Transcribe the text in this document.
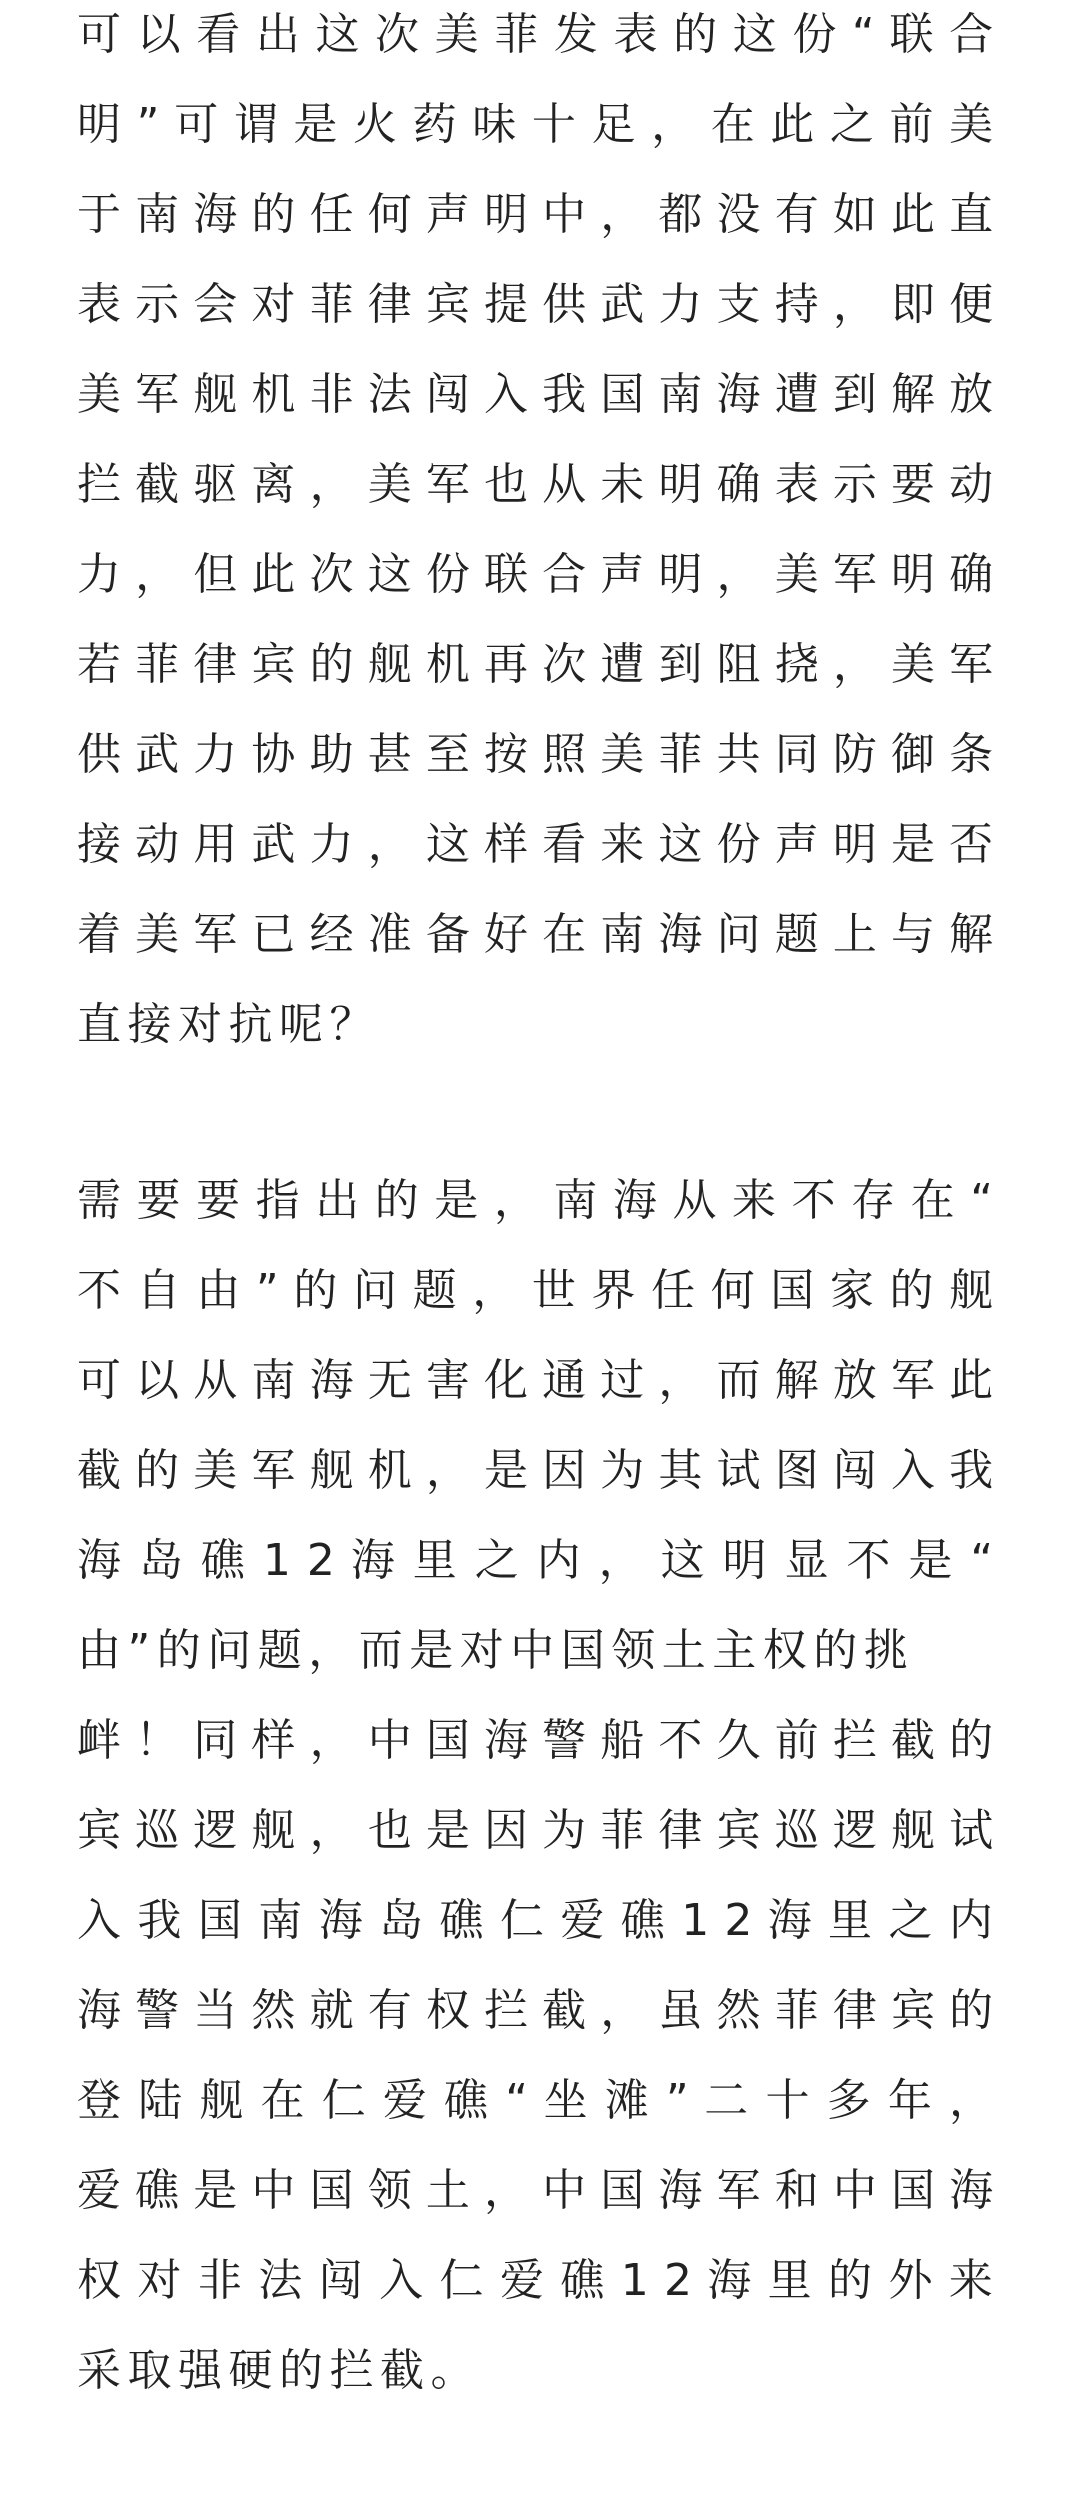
可 以 看 出 这 次 美 菲 发 表 的 这 份 “ 联 合
明 ” 可 谓 是 火 药 味 十 足 ， 在 此 之 前 美
于 南 海 的 任 何 声 明 中 ， 都 没 有 如 此 直
表 示 会 对 菲 律 宾 提 供 武 力 支 持 ， 即 便
美 军 舰 机 非 法 闯 入 我 国 南 海 遭 到 解 放
拦 截 驱 离 ， 美 军 也 从 未 明 确 表 示 要 动
力 ， 但 此 次 这 份 联 合 声 明 ， 美 军 明 确
若 菲 律 宾 的 舰 机 再 次 遭 到 阻 挠 ， 美 军
供 武 力 协 助 甚 至 按 照 美 菲 共 同 防 御 条
接 动 用 武 力 ， 这 样 看 来 这 份 声 明 是 否
着 美 军 已 经 准 备 好 在 南 海 问 题 上 与 解
直接对抗呢？
需 要 要 指 出 的 是 ， 南 海 从 来 不 存 在 “
不 自 由 ” 的 问 题 ， 世 界 任 何 国 家 的 舰
可 以 从 南 海 无 害 化 通 过 ， 而 解 放 军 此
截 的 美 军 舰 机 ， 是 因 为 其 试 图 闯 入 我
海 岛 礁 1 2 海 里 之 内 ， 这 明 显 不 是 “
由”的问题，而是对中国领土主权的挑
衅 ！ 同 样 ， 中 国 海 警 船 不 久 前 拦 截 的
宾 巡 逻 舰 ， 也 是 因 为 菲 律 宾 巡 逻 舰 试
入 我 国 南 海 岛 礁 仁 爱 礁 1 2 海 里 之 内
海 警 当 然 就 有 权 拦 截 ， 虽 然 菲 律 宾 的
登 陆 舰 在 仁 爱 礁 “ 坐 滩 ” 二 十 多 年 ，
爱 礁 是 中 国 领 土 ， 中 国 海 军 和 中 国 海
权 对 非 法 闯 入 仁 爱 礁 1 2 海 里 的 外 来
采取强硬的拦截。
